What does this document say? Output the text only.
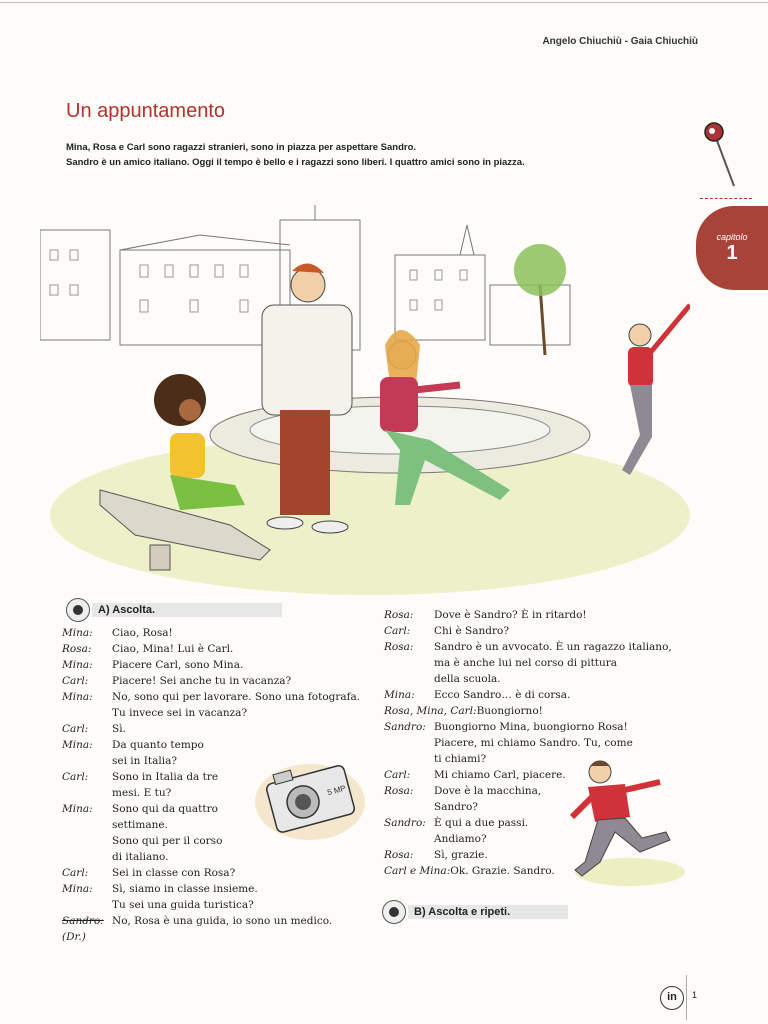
Angelo Chiuchiù - Gaia Chiuchiù
Un appuntamento
Mina, Rosa e Carl sono ragazzi stranieri, sono in piazza per aspettare Sandro.
Sandro è un amico italiano. Oggi il tempo è bello e i ragazzi sono liberi. I quattro amici sono in piazza.
capitolo
1
A) Ascolta.
Mina:	Ciao, Rosa!
Rosa:	Ciao, Mina! Lui è Carl.
Mina:	Piacere Carl, sono Mina.
Carl:	Piacere! Sei anche tu in vacanza?
Mina:	No, sono qui per lavorare. Sono una fotografa.
Tu invece sei in vacanza?
Carl:	Sì.
Mina:	Da quanto tempo
sei in Italia?
Carl:	Sono in Italia da tre
mesi. E tu?
Mina:	Sono qui da quattro
settimane.
Sono qui per il corso
di italiano.
Carl:	Sei in classe con Rosa?
Mina:	Sì, siamo in classe insieme.
Tu sei una guida turistica?
Sandro: No, Rosa è una guida, io sono un medico.
(Dr.)
5 MP
Rosa:	Dove è Sandro? È in ritardo!
Carl:	Chi è Sandro?
Rosa:	Sandro è un avvocato. È un ragazzo italiano,
ma è anche lui nel corso di pittura
della scuola.
Mina:	Ecco Sandro… è di corsa.
Rosa, Mina, Carl: Buongiorno!
Sandro: Buongiorno Mina, buongiorno Rosa!
Piacere, mi chiamo Sandro. Tu, come
ti chiami?
Carl:	Mi chiamo Carl, piacere.
Rosa:	Dove è la macchina,
Sandro?
Sandro: È qui a due passi.
Andiamo?
Rosa:	Sì, grazie.
Carl e Mina: Ok. Grazie. Sandro.
B) Ascolta e ripeti.
in	1
